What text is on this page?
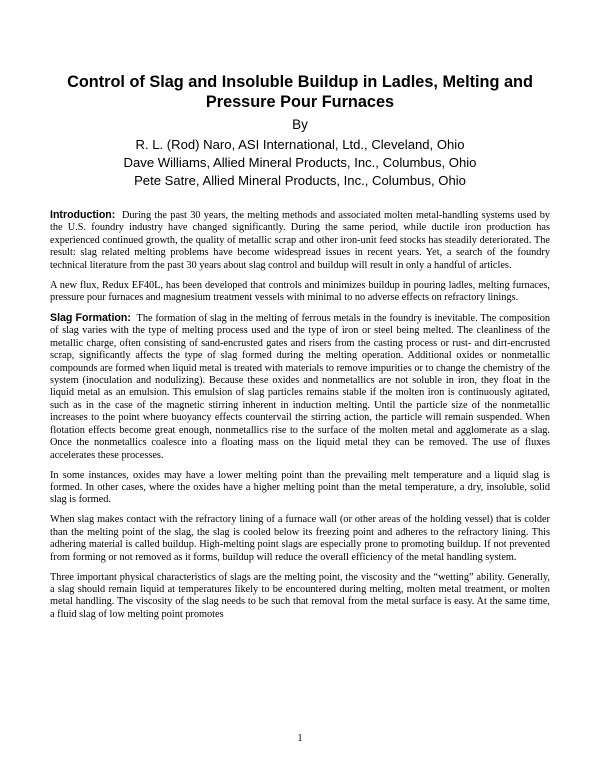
Control of Slag and Insoluble Buildup in Ladles, Melting and Pressure Pour Furnaces
By
R. L. (Rod) Naro, ASI International, Ltd., Cleveland, Ohio
Dave Williams, Allied Mineral Products, Inc., Columbus, Ohio
Pete Satre, Allied Mineral Products, Inc., Columbus, Ohio

Introduction: During the past 30 years, the melting methods and associated molten metal-handling systems used by the U.S. foundry industry have changed significantly. During the same period, while ductile iron production has experienced continued growth, the quality of metallic scrap and other iron-unit feed stocks has steadily deteriorated. The result: slag related melting problems have become widespread issues in recent years. Yet, a search of the foundry technical literature from the past 30 years about slag control and buildup will result in only a handful of articles.

A new flux, Redux EF40L, has been developed that controls and minimizes buildup in pouring ladles, melting furnaces, pressure pour furnaces and magnesium treatment vessels with minimal to no adverse effects on refractory linings.

Slag Formation: The formation of slag in the melting of ferrous metals in the foundry is inevitable. The composition of slag varies with the type of melting process used and the type of iron or steel being melted. The cleanliness of the metallic charge, often consisting of sand-encrusted gates and risers from the casting process or rust- and dirt-encrusted scrap, significantly affects the type of slag formed during the melting operation. Additional oxides or nonmetallic compounds are formed when liquid metal is treated with materials to remove impurities or to change the chemistry of the system (inoculation and nodulizing). Because these oxides and nonmetallics are not soluble in iron, they float in the liquid metal as an emulsion. This emulsion of slag particles remains stable if the molten iron is continuously agitated, such as in the case of the magnetic stirring inherent in induction melting. Until the particle size of the nonmetallic increases to the point where buoyancy effects countervail the stirring action, the particle will remain suspended. When flotation effects become great enough, nonmetallics rise to the surface of the molten metal and agglomerate as a slag. Once the nonmetallics coalesce into a floating mass on the liquid metal they can be removed. The use of fluxes accelerates these processes.

In some instances, oxides may have a lower melting point than the prevailing melt temperature and a liquid slag is formed. In other cases, where the oxides have a higher melting point than the metal temperature, a dry, insoluble, solid slag is formed.

When slag makes contact with the refractory lining of a furnace wall (or other areas of the holding vessel) that is colder than the melting point of the slag, the slag is cooled below its freezing point and adheres to the refractory lining. This adhering material is called buildup. High-melting point slags are especially prone to promoting buildup. If not prevented from forming or not removed as it forms, buildup will reduce the overall efficiency of the metal handling system.

Three important physical characteristics of slags are the melting point, the viscosity and the “wetting” ability. Generally, a slag should remain liquid at temperatures likely to be encountered during melting, molten metal treatment, or molten metal handling. The viscosity of the slag needs to be such that removal from the metal surface is easy. At the same time, a fluid slag of low melting point promotes

1
